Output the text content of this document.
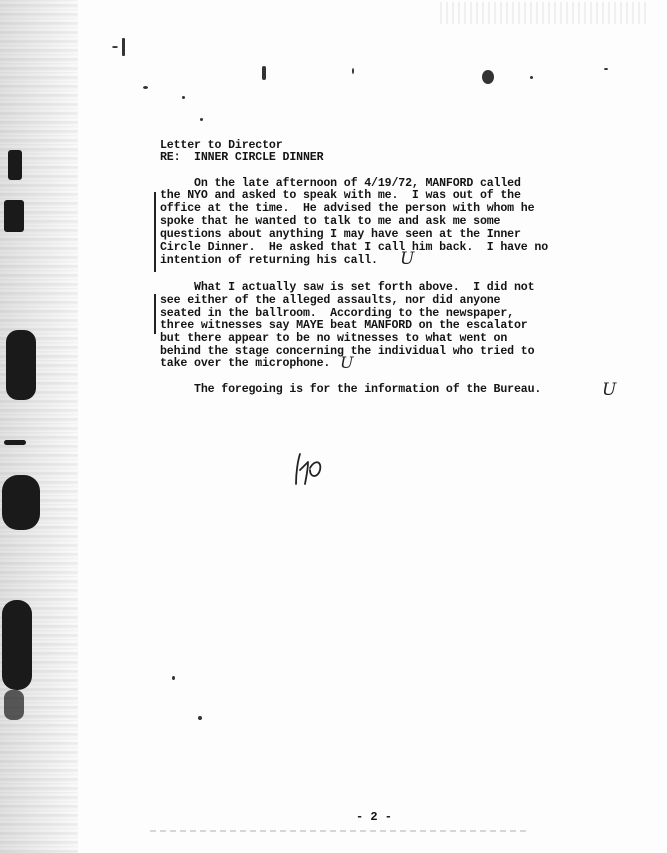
Letter to Director
RE:  INNER CIRCLE DINNER
On the late afternoon of 4/19/72, MANFORD called
the NYO and asked to speak with me.  I was out of the
office at the time.  He advised the person with whom he
spoke that he wanted to talk to me and ask me some
questions about anything I may have seen at the Inner
Circle Dinner.  He asked that I call him back.  I have no
intention of returning his call. U
What I actually saw is set forth above.  I did not
see either of the alleged assaults, nor did anyone
seated in the ballroom.  According to the newspaper,
three witnesses say MAYE beat MANFORD on the escalator
but there appear to be no witnesses to what went on
behind the stage concerning the individual who tried to
take over the microphone. U
The foregoing is for the information of the Bureau.	U
- 2 -
